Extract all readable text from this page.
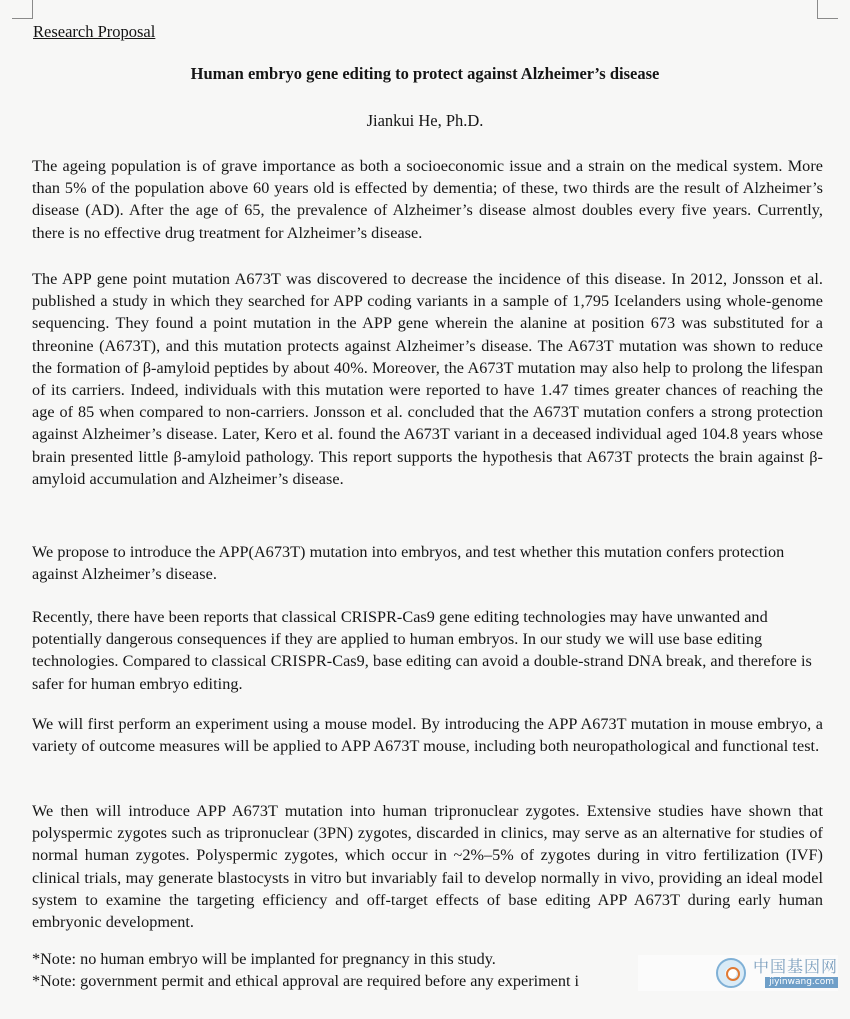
Research Proposal
Human embryo gene editing to protect against Alzheimer’s disease
Jiankui He, Ph.D.
The ageing population is of grave importance as both a socioeconomic issue and a strain on the medical system. More than 5% of the population above 60 years old is effected by dementia; of these, two thirds are the result of Alzheimer’s disease (AD). After the age of 65, the prevalence of Alzheimer’s disease almost doubles every five years. Currently, there is no effective drug treatment for Alzheimer’s disease.
The APP gene point mutation A673T was discovered to decrease the incidence of this disease. In 2012, Jonsson et al. published a study in which they searched for APP coding variants in a sample of 1,795 Icelanders using whole-genome sequencing. They found a point mutation in the APP gene wherein the alanine at position 673 was substituted for a threonine (A673T), and this mutation protects against Alzheimer’s disease. The A673T mutation was shown to reduce the formation of β-amyloid peptides by about 40%. Moreover, the A673T mutation may also help to prolong the lifespan of its carriers. Indeed, individuals with this mutation were reported to have 1.47 times greater chances of reaching the age of 85 when compared to non-carriers. Jonsson et al. concluded that the A673T mutation confers a strong protection against Alzheimer’s disease. Later, Kero et al. found the A673T variant in a deceased individual aged 104.8 years whose brain presented little β-amyloid pathology. This report supports the hypothesis that A673T protects the brain against β-amyloid accumulation and Alzheimer’s disease.
We propose to introduce the APP(A673T) mutation into embryos, and test whether this mutation confers protection against Alzheimer’s disease.
Recently, there have been reports that classical CRISPR-Cas9 gene editing technologies may have unwanted and potentially dangerous consequences if they are applied to human embryos. In our study we will use base editing technologies. Compared to classical CRISPR-Cas9, base editing can avoid a double-strand DNA break, and therefore is safer for human embryo editing.
We will first perform an experiment using a mouse model. By introducing the APP A673T mutation in mouse embryo, a variety of outcome measures will be applied to APP A673T mouse, including both neuropathological and functional test.
We then will introduce APP A673T mutation into human tripronuclear zygotes. Extensive studies have shown that polyspermic zygotes such as tripronuclear (3PN) zygotes, discarded in clinics, may serve as an alternative for studies of normal human zygotes. Polyspermic zygotes, which occur in ~2%–5% of zygotes during in vitro fertilization (IVF) clinical trials, may generate blastocysts in vitro but invariably fail to develop normally in vivo, providing an ideal model system to examine the targeting efficiency and off-target effects of base editing APP A673T during early human embryonic development.
*Note: no human embryo will be implanted for pregnancy in this study.
*Note: government permit and ethical approval are required before any experiment i
中国基因网
jiyinwang.com
